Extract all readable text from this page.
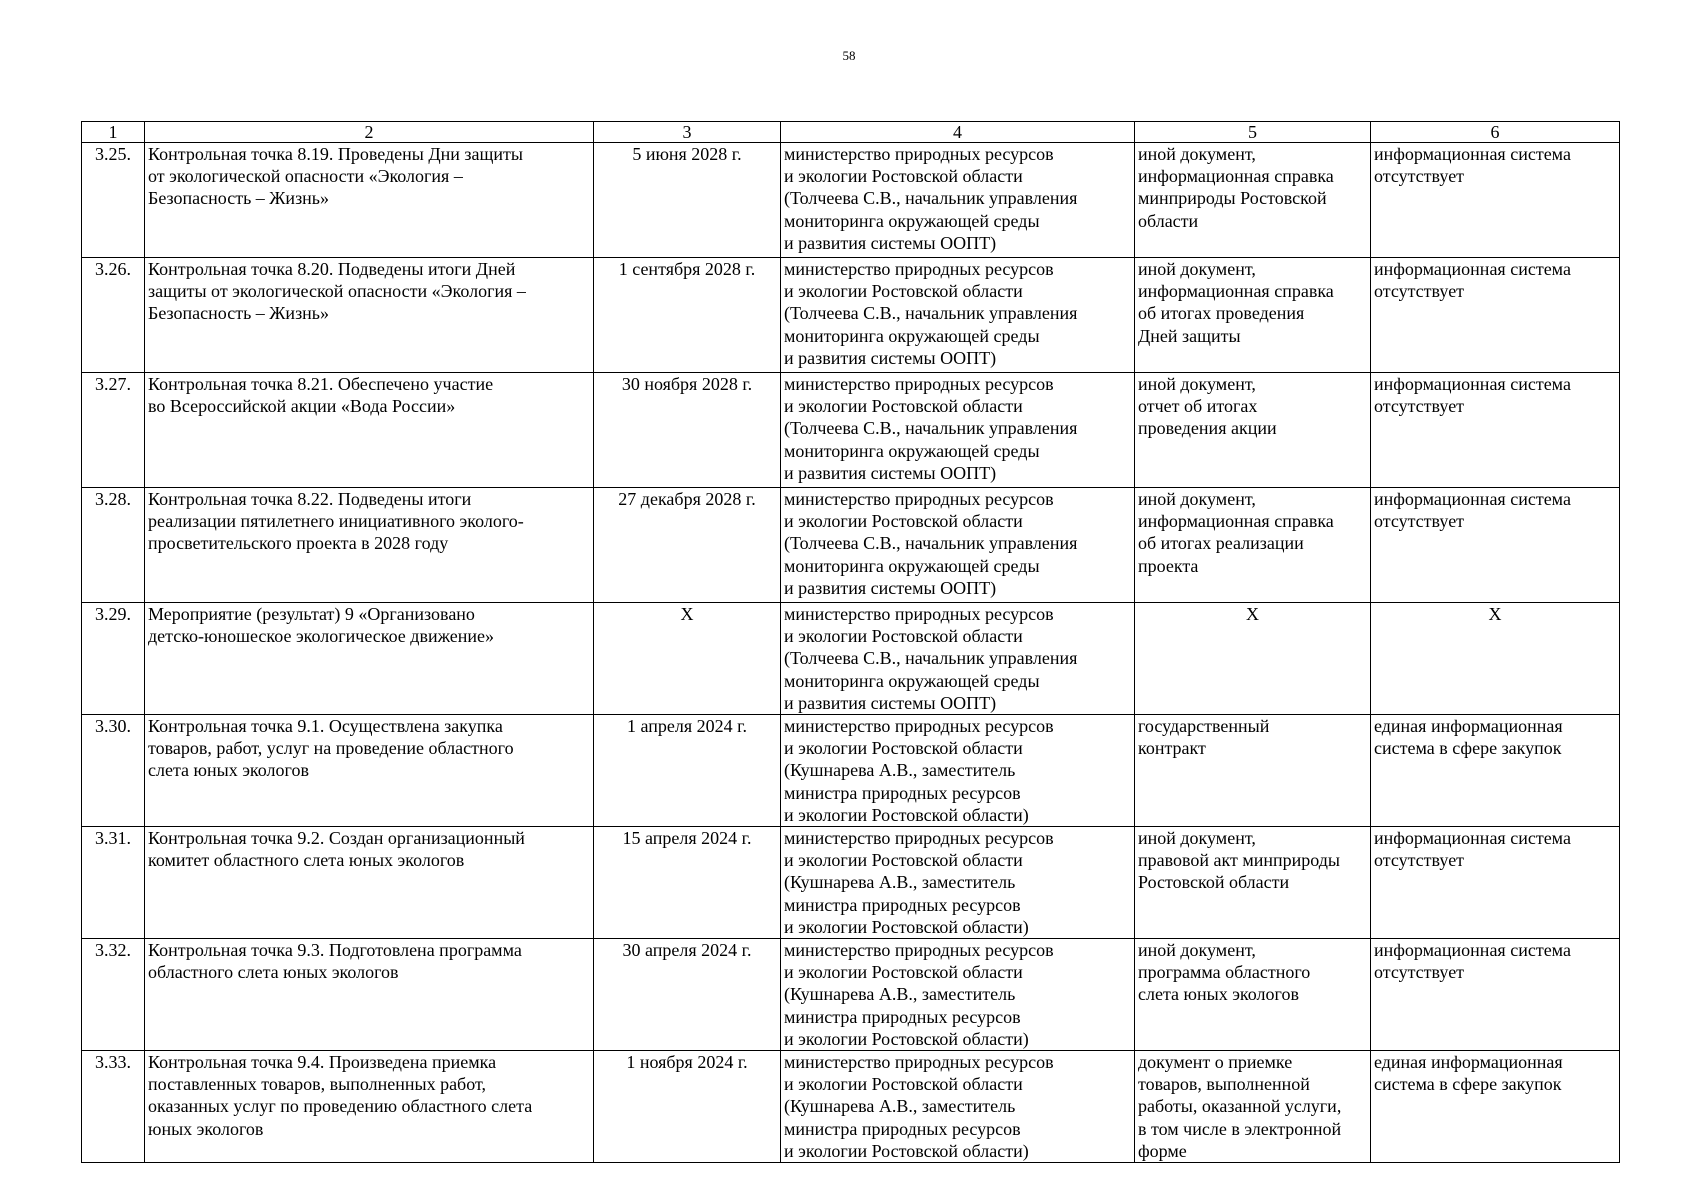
58
1	2	3	4	5	6
3.25.	Контрольная точка 8.19. Проведены Дни защиты
от экологической опасности «Экология –
Безопасность – Жизнь»	5 июня 2028 г.	министерство природных ресурсов
и экологии Ростовской области
(Толчеева С.В., начальник управления
мониторинга окружающей среды
и развития системы ООПТ)	иной документ,
информационная справка
минприроды Ростовской
области	информационная система
отсутствует
3.26.	Контрольная точка 8.20. Подведены итоги Дней
защиты от экологической опасности «Экология –
Безопасность – Жизнь»	1 сентября 2028 г.	министерство природных ресурсов
и экологии Ростовской области
(Толчеева С.В., начальник управления
мониторинга окружающей среды
и развития системы ООПТ)	иной документ,
информационная справка
об итогах проведения
Дней защиты	информационная система
отсутствует
3.27.	Контрольная точка 8.21. Обеспечено участие
во Всероссийской акции «Вода России»	30 ноября 2028 г.	министерство природных ресурсов
и экологии Ростовской области
(Толчеева С.В., начальник управления
мониторинга окружающей среды
и развития системы ООПТ)	иной документ,
отчет об итогах
проведения акции	информационная система
отсутствует
3.28.	Контрольная точка 8.22. Подведены итоги
реализации пятилетнего инициативного эколого-
просветительского проекта в 2028 году	27 декабря 2028 г.	министерство природных ресурсов
и экологии Ростовской области
(Толчеева С.В., начальник управления
мониторинга окружающей среды
и развития системы ООПТ)	иной документ,
информационная справка
об итогах реализации
проекта	информационная система
отсутствует
3.29.	Мероприятие (результат) 9 «Организовано
детско-юношеское экологическое движение»	X	министерство природных ресурсов
и экологии Ростовской области
(Толчеева С.В., начальник управления
мониторинга окружающей среды
и развития системы ООПТ)	X	X
3.30.	Контрольная точка 9.1. Осуществлена закупка
товаров, работ, услуг на проведение областного
слета юных экологов	1 апреля 2024 г.	министерство природных ресурсов
и экологии Ростовской области
(Кушнарева А.В., заместитель
министра природных ресурсов
и экологии Ростовской области)	государственный
контракт	единая информационная
система в сфере закупок
3.31.	Контрольная точка 9.2. Создан организационный
комитет областного слета юных экологов	15 апреля 2024 г.	министерство природных ресурсов
и экологии Ростовской области
(Кушнарева А.В., заместитель
министра природных ресурсов
и экологии Ростовской области)	иной документ,
правовой акт минприроды
Ростовской области	информационная система
отсутствует
3.32.	Контрольная точка 9.3. Подготовлена программа
областного слета юных экологов	30 апреля 2024 г.	министерство природных ресурсов
и экологии Ростовской области
(Кушнарева А.В., заместитель
министра природных ресурсов
и экологии Ростовской области)	иной документ,
программа областного
слета юных экологов	информационная система
отсутствует
3.33.	Контрольная точка 9.4. Произведена приемка
поставленных товаров, выполненных работ,
оказанных услуг по проведению областного слета
юных экологов	1 ноября 2024 г.	министерство природных ресурсов
и экологии Ростовской области
(Кушнарева А.В., заместитель
министра природных ресурсов
и экологии Ростовской области)	документ о приемке
товаров, выполненной
работы, оказанной услуги,
в том числе в электронной
форме	единая информационная
система в сфере закупок
